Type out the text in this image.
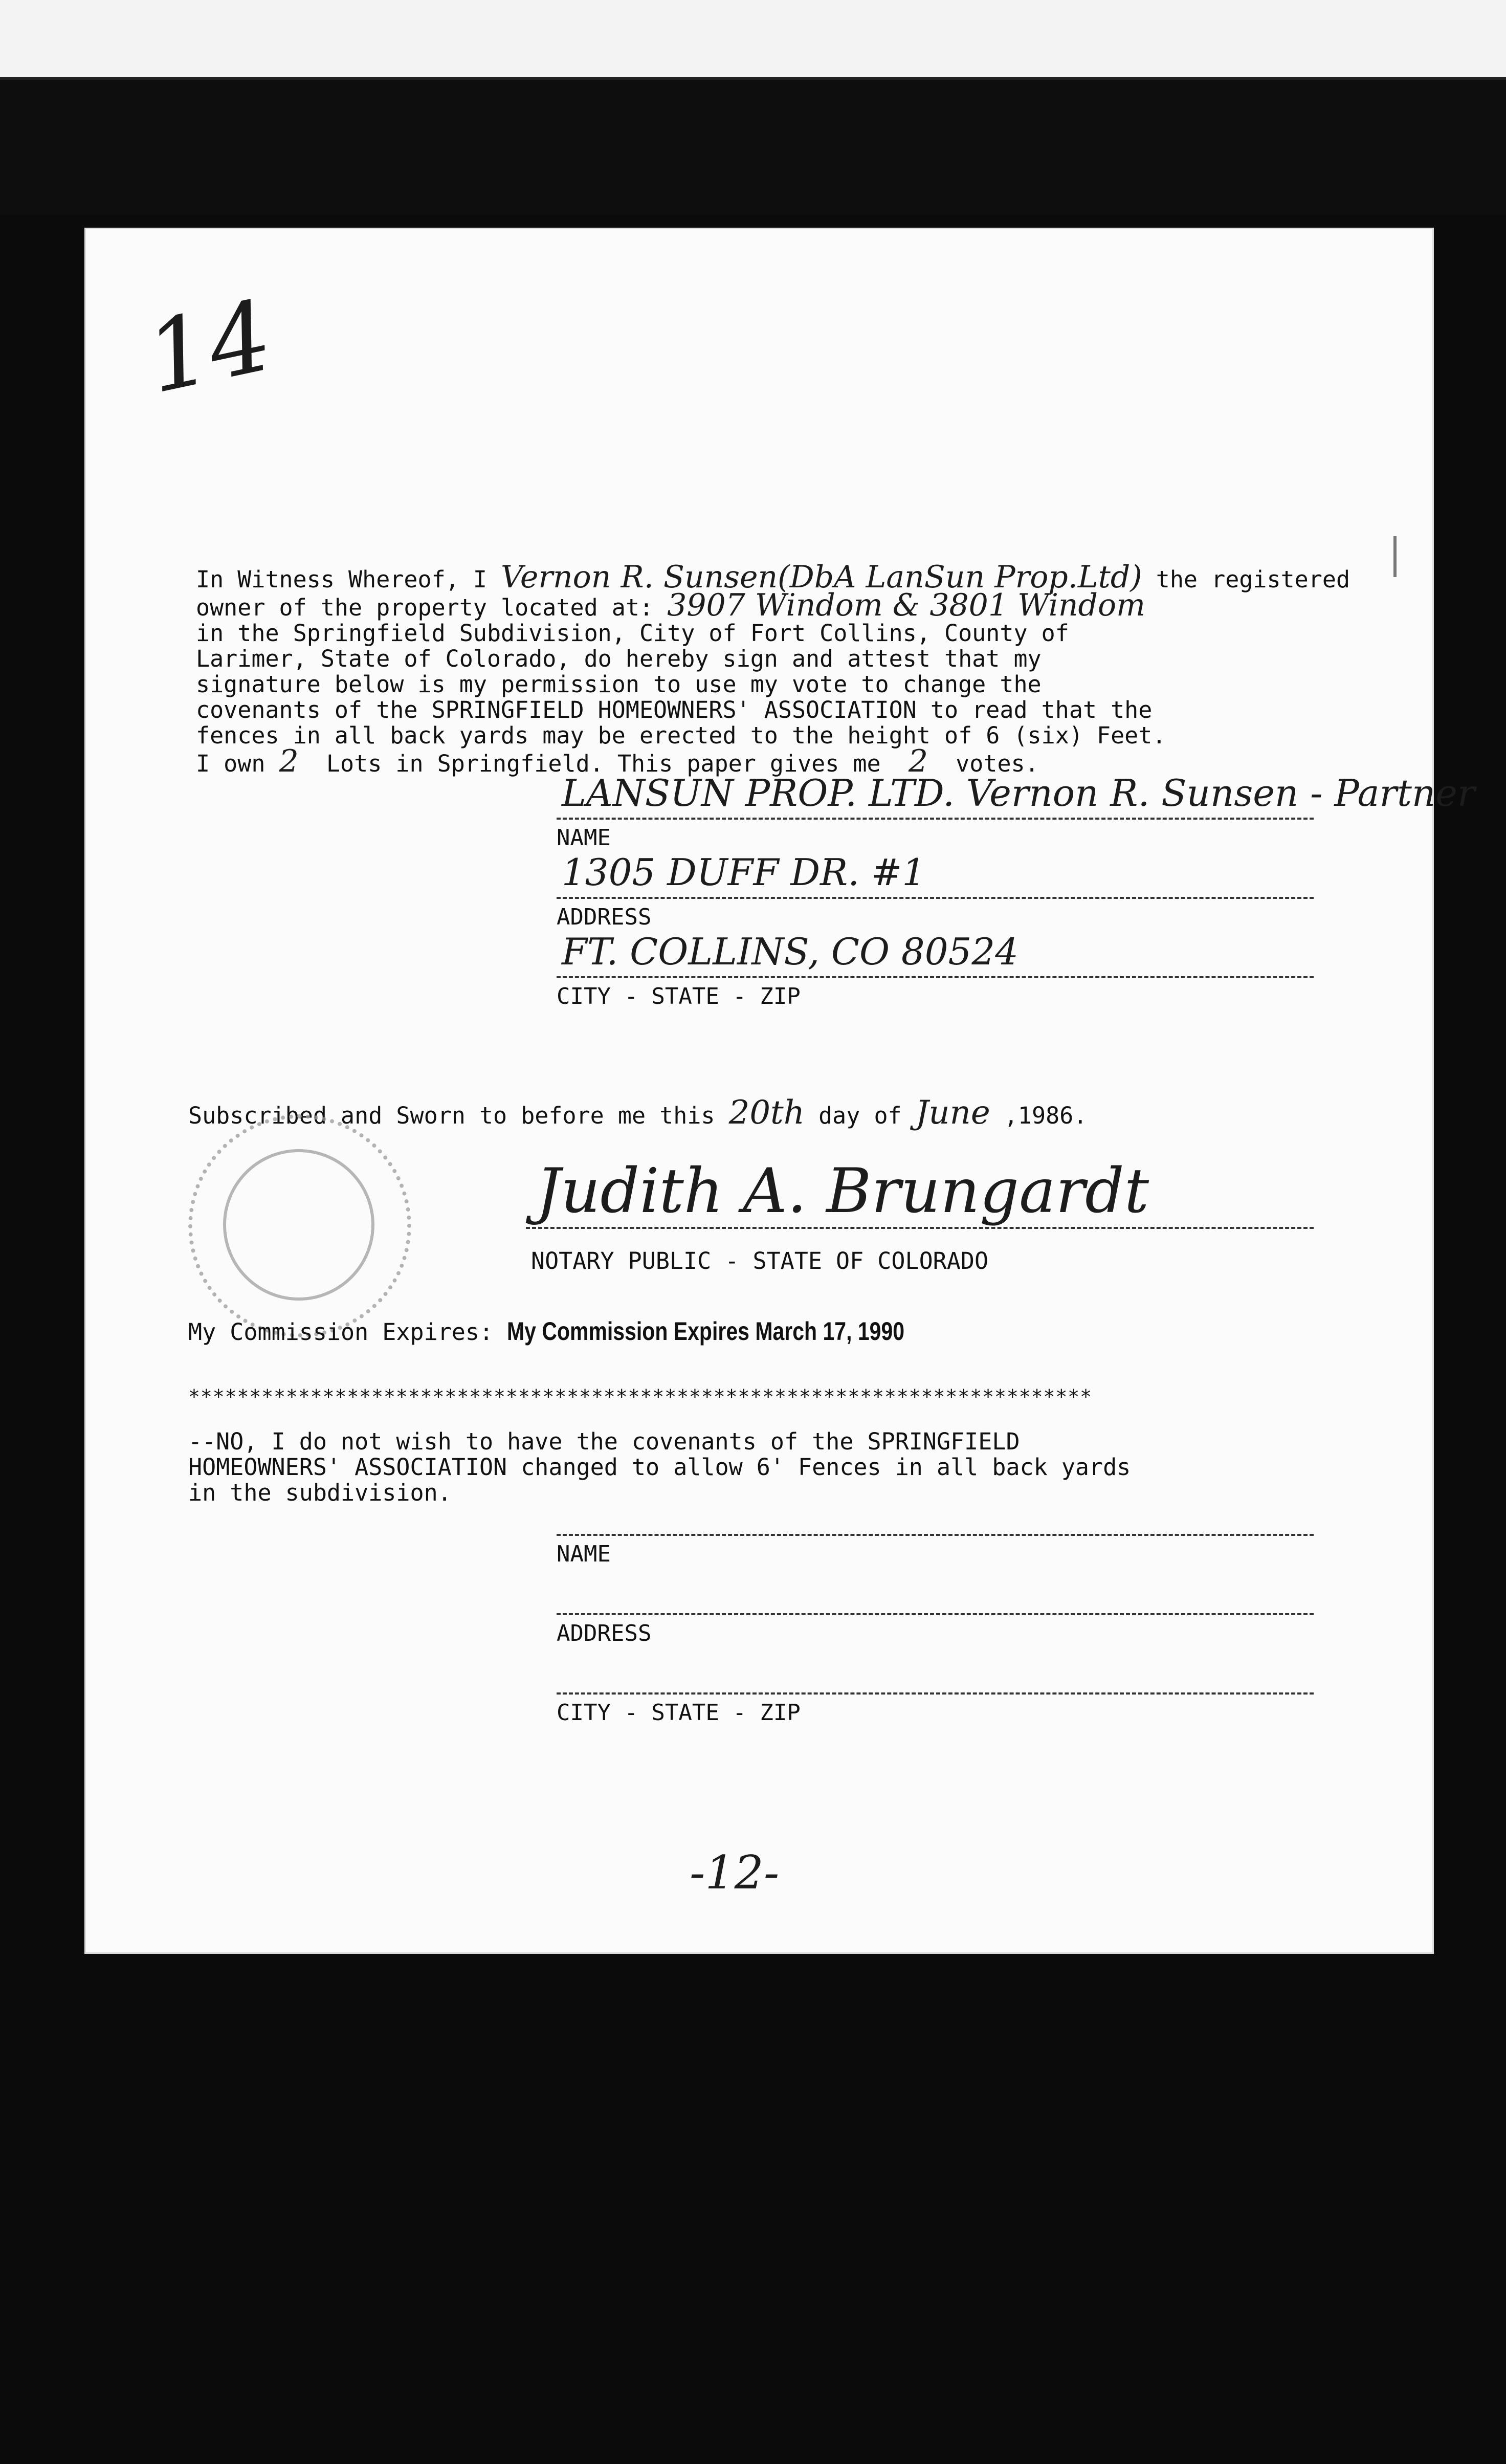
14

In Witness Whereof, I Vernon R. Sunsen(DbA LanSun Prop.Ltd) the registered
owner of the property located at: 3907 Windom & 3801 Windom
in the Springfield Subdivision, City of Fort Collins, County of
Larimer, State of Colorado, do hereby sign and attest that my
signature below is my permission to use my vote to change the
covenants of the SPRINGFIELD HOMEOWNERS' ASSOCIATION to read that the
fences in all back yards may be erected to the height of 6 (six) Feet.
I own 2  Lots in Springfield. This paper gives me  2  votes.

LANSUN PROP. LTD. Vernon R. Sunsen - Partner
NAME
1305 DUFF DR. #1
ADDRESS
FT. COLLINS, CO 80524
CITY - STATE - ZIP
Subscribed and Sworn to before me this 20th day of June ,1986.
Judith A. Brungardt
NOTARY PUBLIC - STATE OF COLORADO
My Commission Expires: My Commission Expires March 17, 1990
**************************************************************************

--NO, I do not wish to have the covenants of the SPRINGFIELD
HOMEOWNERS' ASSOCIATION changed to allow 6' Fences in all back yards
in the subdivision.

NAME
ADDRESS
CITY - STATE - ZIP
-12-
